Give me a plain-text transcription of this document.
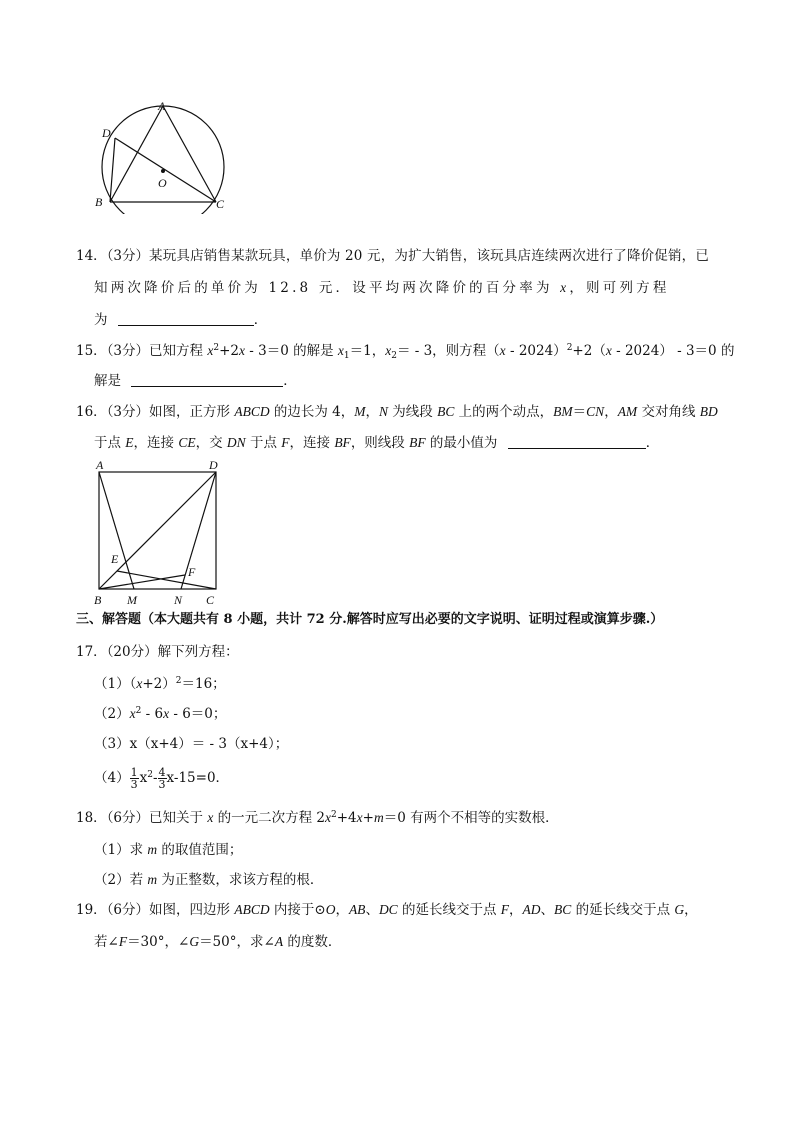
A
D
O
B	C
14．（3分）某玩具店销售某款玩具，单价为 20 元，为扩大销售，该玩具店连续两次进行了降价促销，已
知两次降价后的单价为 12.8 元．设平均两次降价的百分率为 x，则可列方程
为	．
15．（3分）已知方程 $x^2+2x - 3=0$ 的解是 $x_1=1$，$x_2= - 3$，则方程（x - 2024）$^2$+2（x - 2024） - 3＝0 的
解是	．
16．（3分）如图，正方形 ABCD 的边长为 4，M，N 为线段 BC 上的两个动点，BM＝CN，AM 交对角线 BD
于点 E，连接 CE，交 DN 于点 F，连接 BF，则线段 BF 的最小值为	．
A	D
E
F
B M	N C
三、解答题（本大题共有 8 小题，共计 72 分.解答时应写出必要的文字说明、证明过程或演算步骤.）
17．（20分）解下列方程：
$(1)(x+2)^2=16$；
$(2)x^2 - 6x - 6=0$；
（3）x（x+4）＝ - 3（x+4）；
$(4) \frac{1}{3} x^2- \frac{4}{3} x-15=0$．
18．（6分）已知关于 x 的一元二次方程 $2x^2+4x+m=0$ 有两个不相等的实数根．
（1）求 m 的取值范围；
（2）若 m 为正整数，求该方程的根．
19．（6分）如图，四边形 ABCD 内接于⊙O，AB、DC 的延长线交于点 F，AD、BC 的延长线交于点 G，
若∠F＝30°，∠G＝50°，求∠A 的度数．
